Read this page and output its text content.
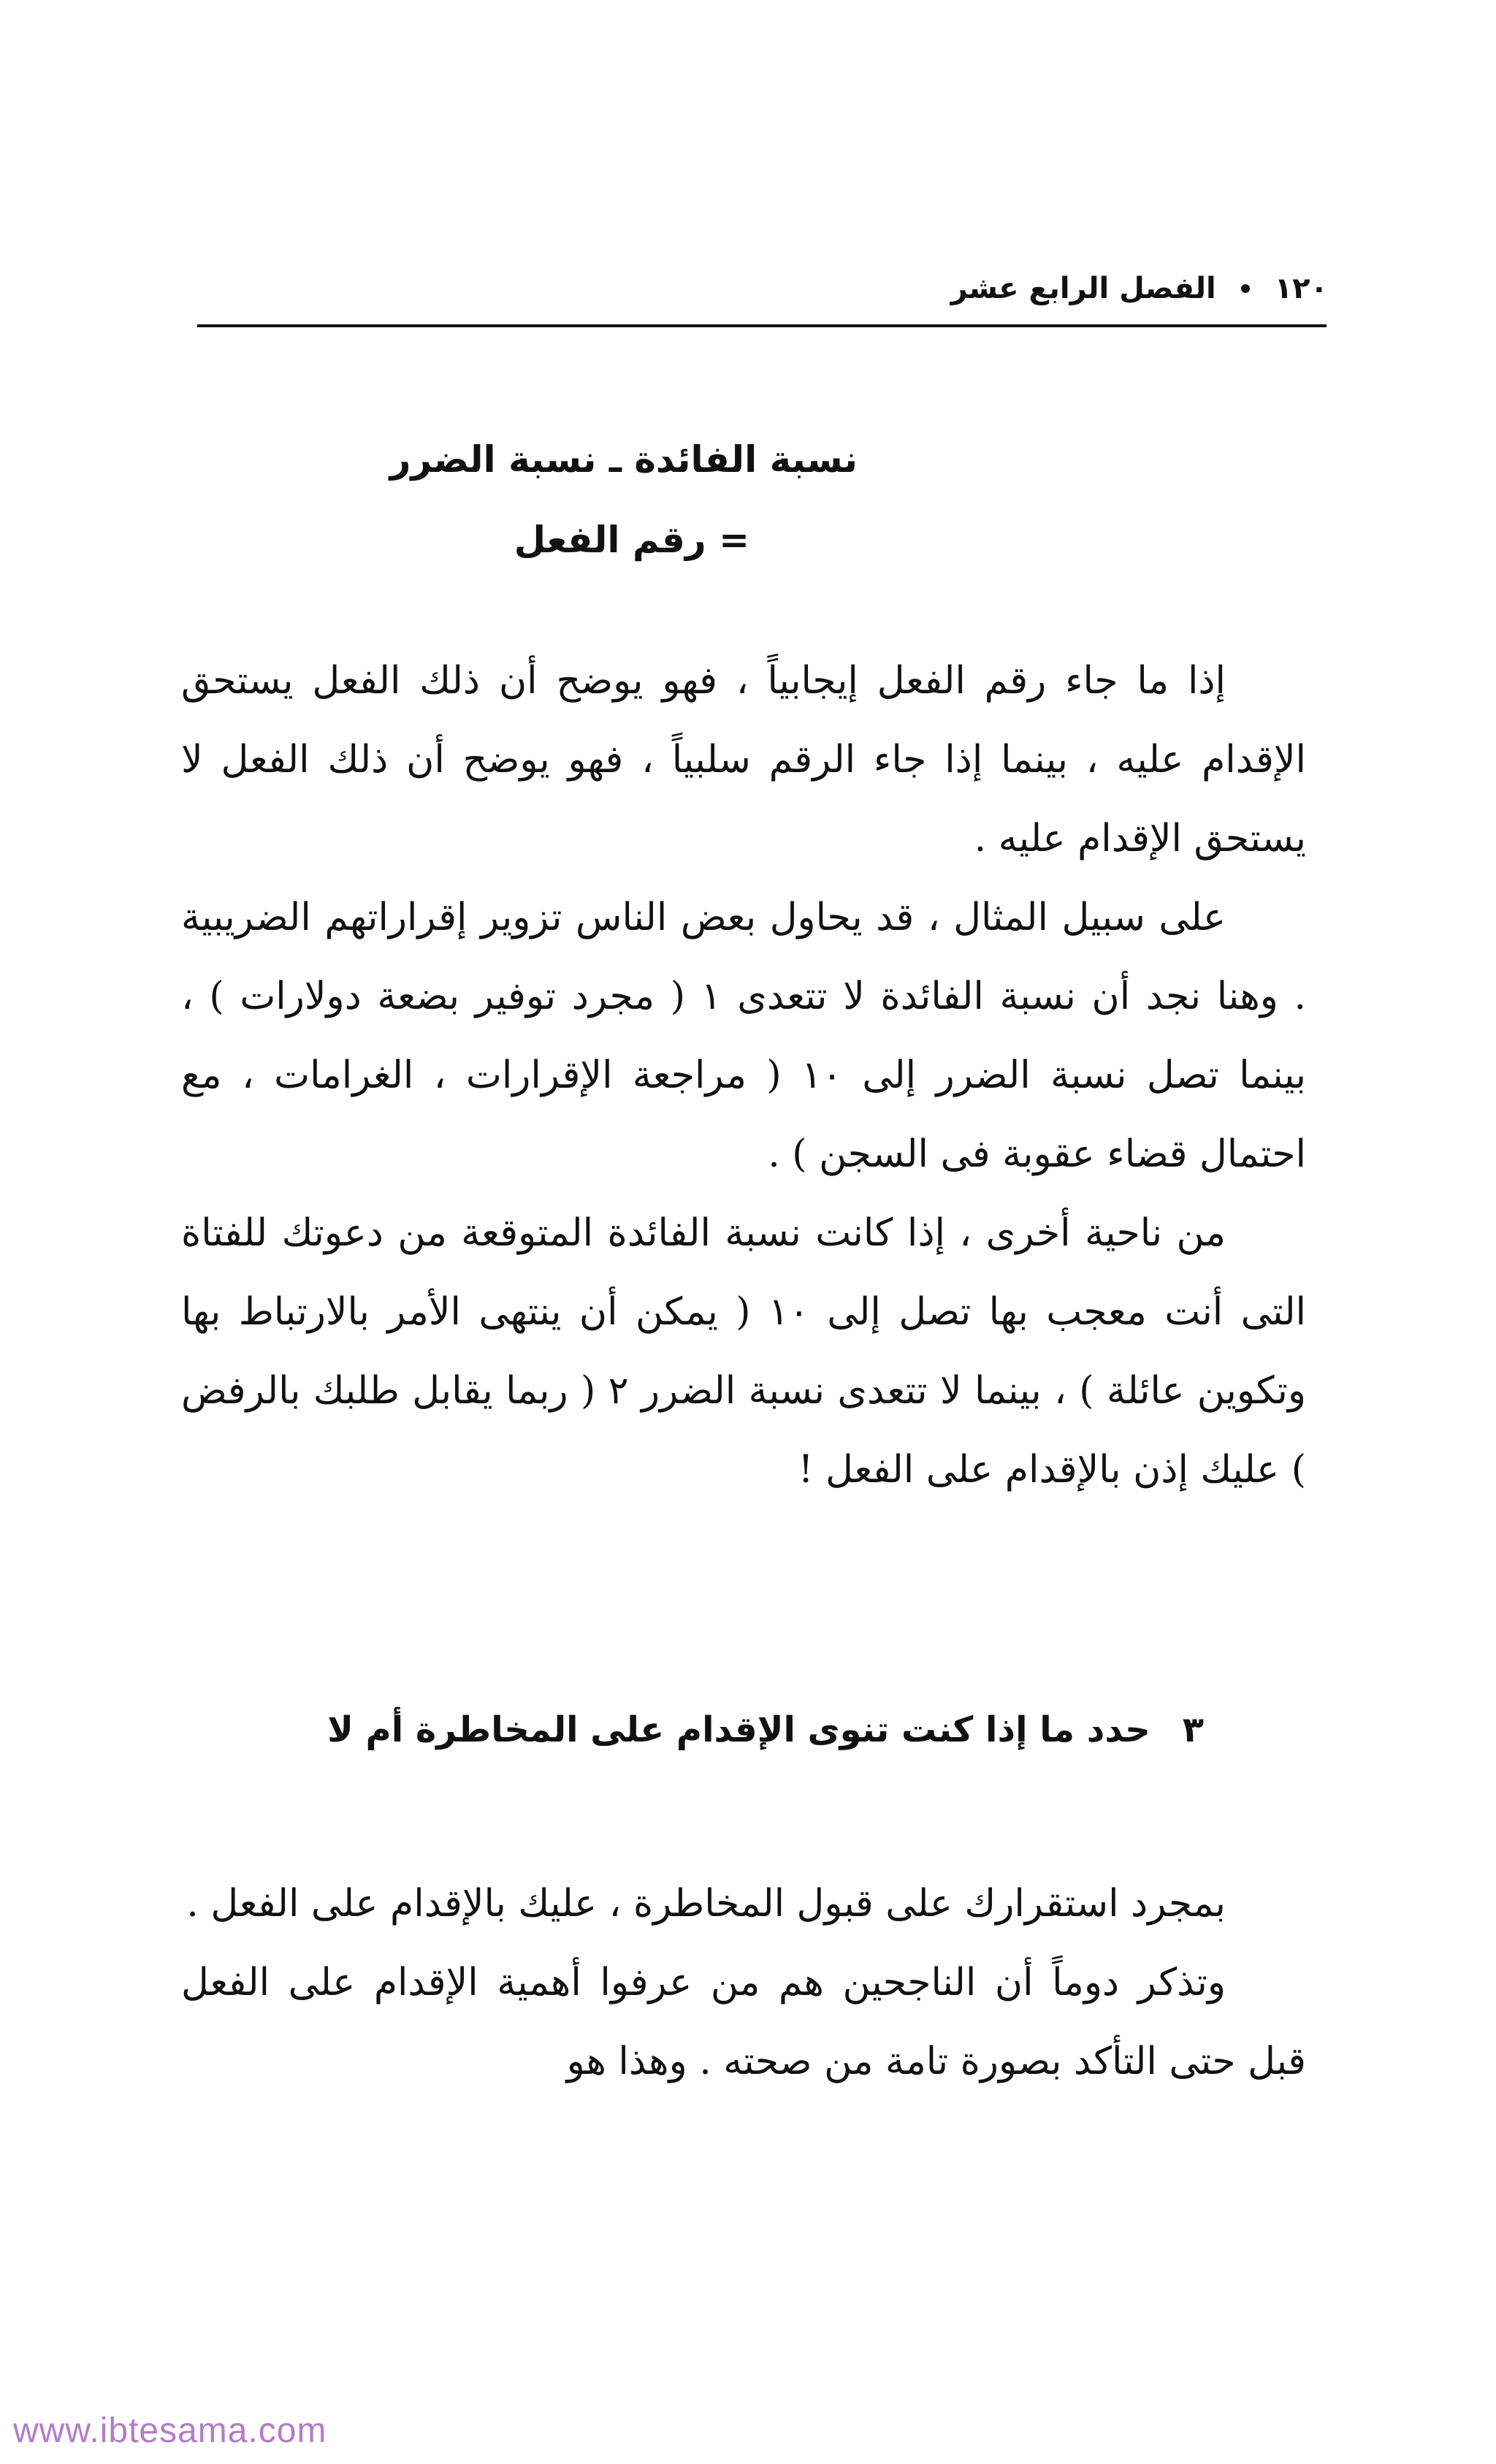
١٢٠
الفصل الرابع عشر
نسبة الفائدة ـ نسبة الضرر
= رقم الفعل

إذا ما جاء رقم الفعل إيجابياً ، فهو يوضح أن ذلك الفعل يستحق الإقدام عليه ، بينما إذا جاء الرقم سلبياً ، فهو يوضح أن ذلك الفعل لا يستحق الإقدام عليه .

على سبيل المثال ، قد يحاول بعض الناس تزوير إقراراتهم الضريبية . وهنا نجد أن نسبة الفائدة لا تتعدى ١ ( مجرد توفير بضعة دولارات ) ، بينما تصل نسبة الضرر إلى ١٠ ( مراجعة الإقرارات ، الغرامات ، مع احتمال قضاء عقوبة فى السجن ) .

من ناحية أخرى ، إذا كانت نسبة الفائدة المتوقعة من دعوتك للفتاة التى أنت معجب بها تصل إلى ١٠ ( يمكن أن ينتهى الأمر بالارتباط بها وتكوين عائلة ) ، بينما لا تتعدى نسبة الضرر ٢ ( ربما يقابل طلبك بالرفض ) عليك إذن بالإقدام على الفعل !

٣حدد ما إذا كنت تنوى الإقدام على المخاطرة أم لا

بمجرد استقرارك على قبول المخاطرة ، عليك بالإقدام على الفعل .

وتذكر دوماً أن الناجحين هم من عرفوا أهمية الإقدام على الفعل قبل حتى التأكد بصورة تامة من صحته . وهذا هو

www.ibtesama.com
